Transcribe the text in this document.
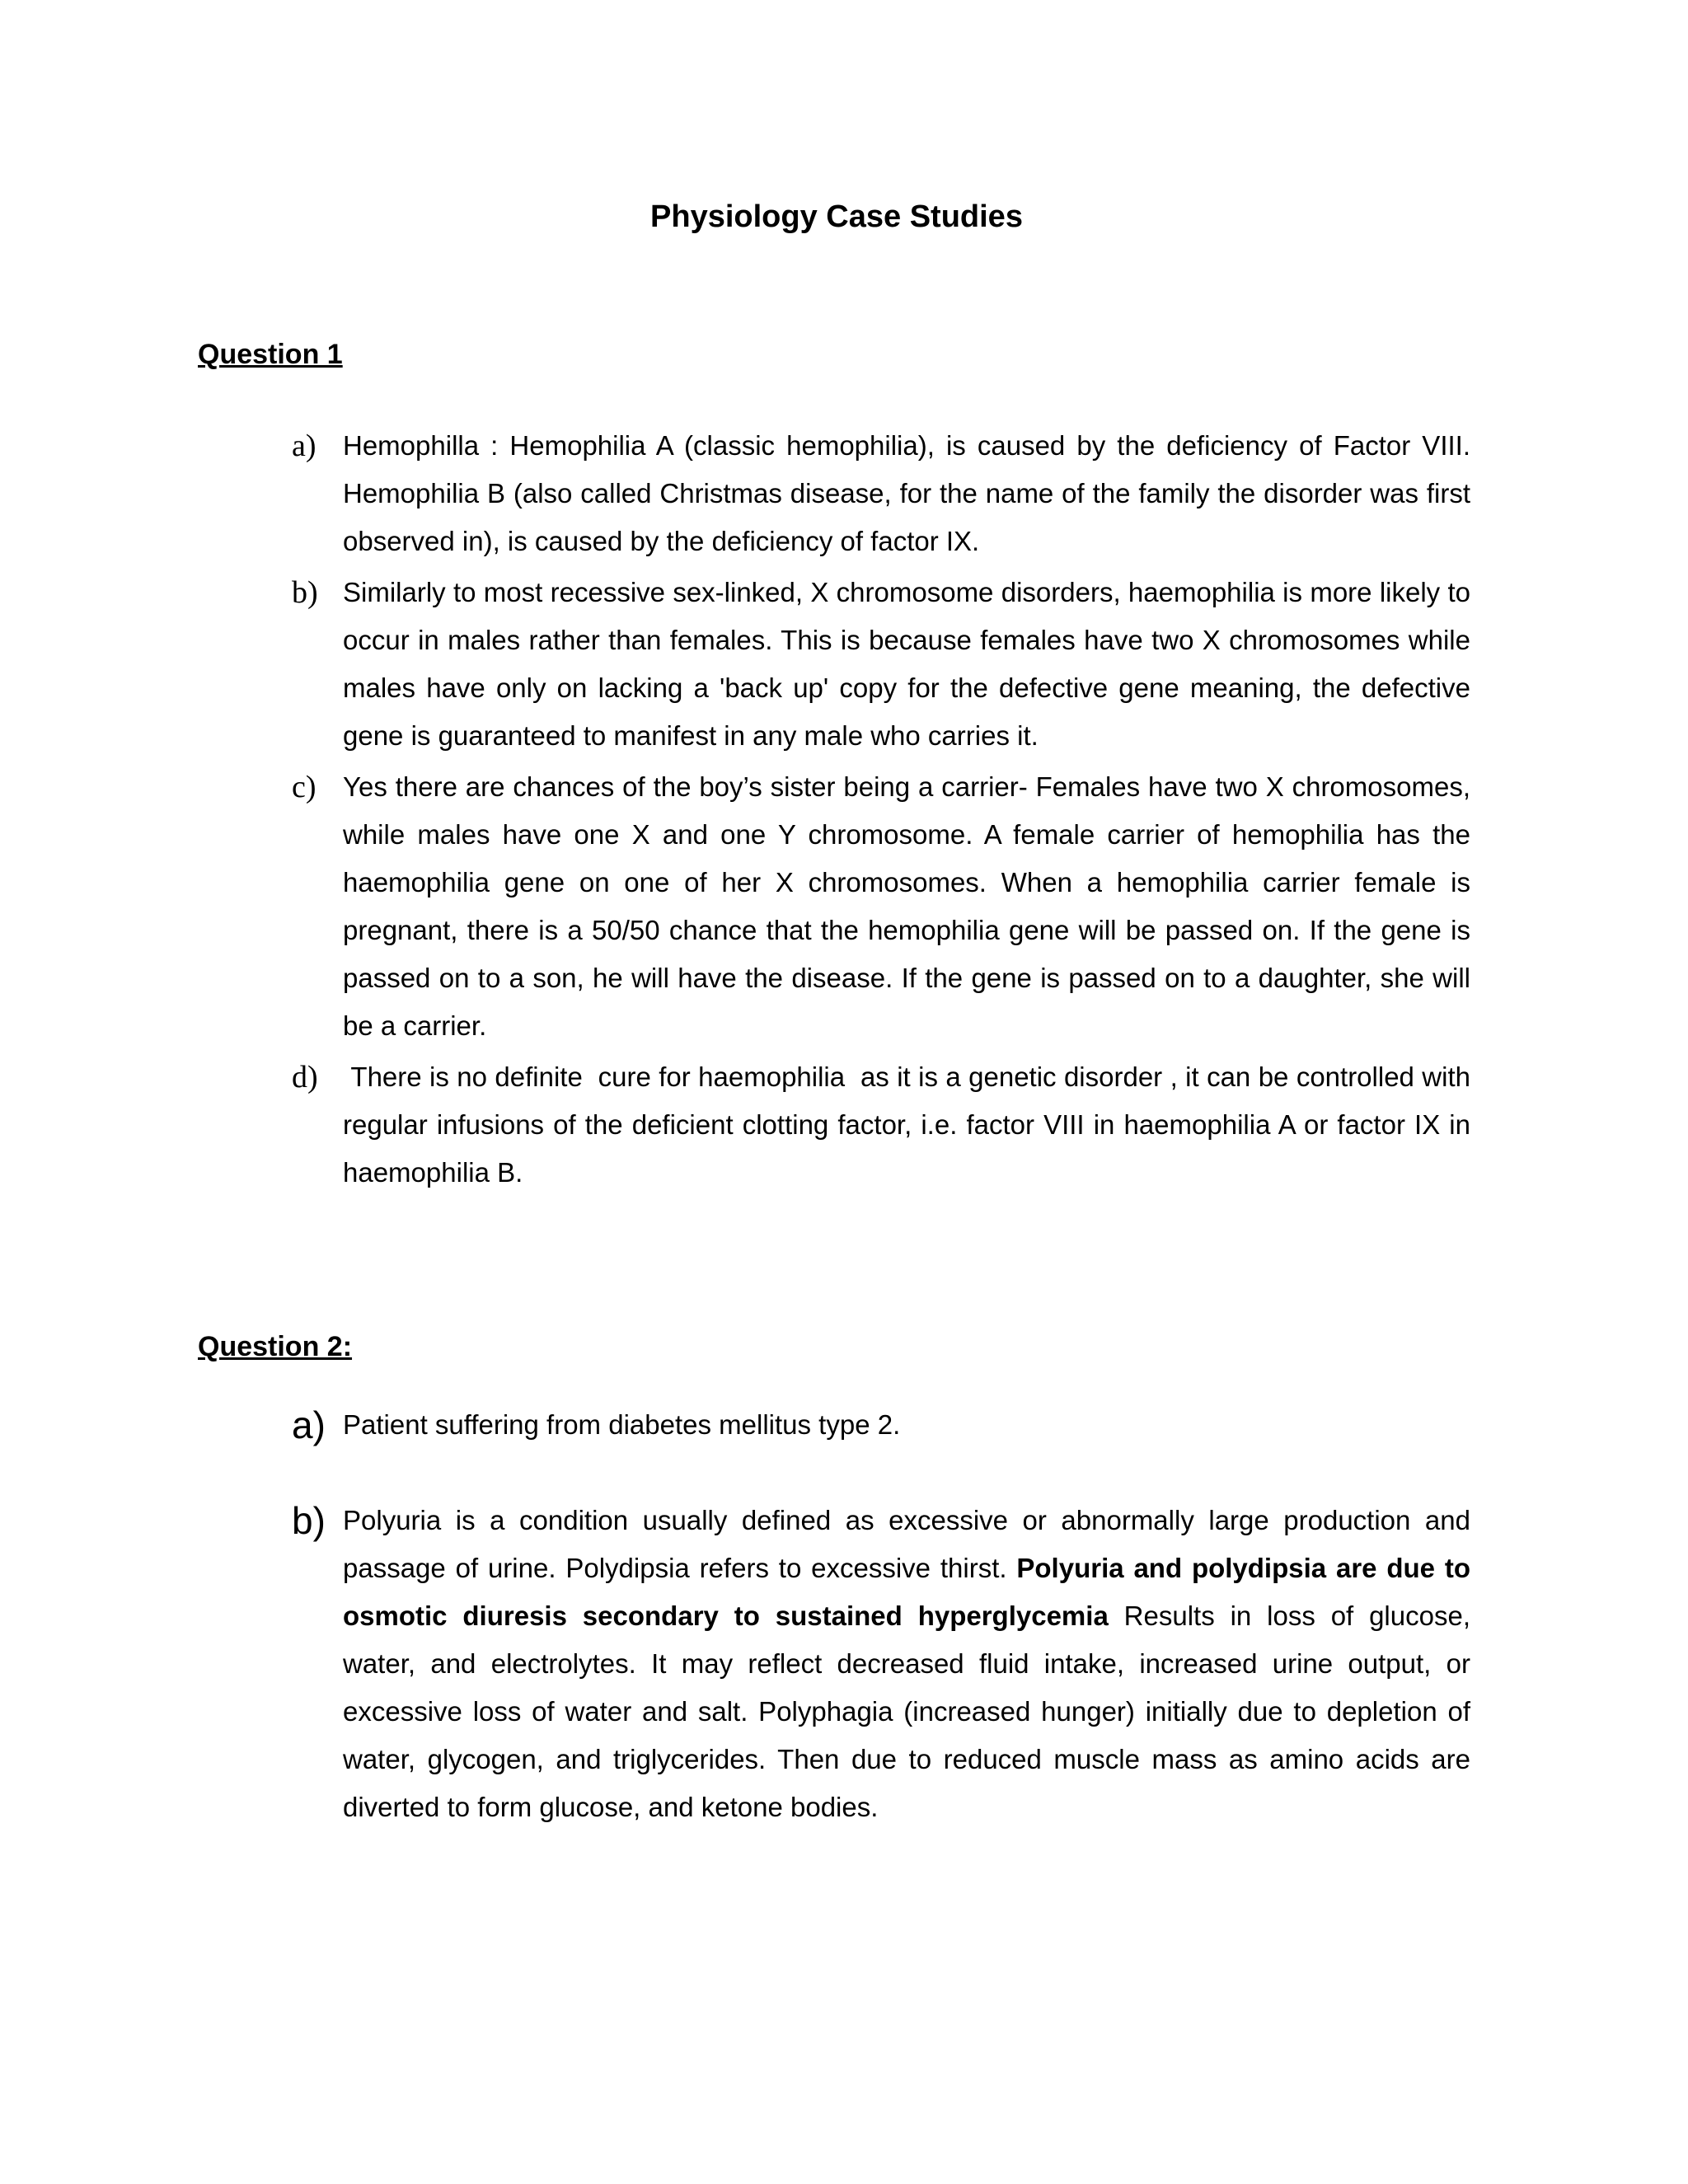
Physiology Case Studies
Question 1
a) Hemophilla : Hemophilia A (classic hemophilia), is caused by the deficiency of Factor VIII. Hemophilia B (also called Christmas disease, for the name of the family the disorder was first observed in), is caused by the deficiency of factor IX.
b) Similarly to most recessive sex-linked, X chromosome disorders, haemophilia is more likely to occur in males rather than females. This is because females have two X chromosomes while males have only on lacking a 'back up' copy for the defective gene meaning, the defective gene is guaranteed to manifest in any male who carries it.
c) Yes there are chances of the boy’s sister being a carrier- Females have two X chromosomes, while males have one X and one Y chromosome. A female carrier of hemophilia has the haemophilia gene on one of her X chromosomes. When a hemophilia carrier female is pregnant, there is a 50/50 chance that the hemophilia gene will be passed on. If the gene is passed on to a son, he will have the disease. If the gene is passed on to a daughter, she will be a carrier.
d) There is no definite  cure for haemophilia  as it is a genetic disorder , it can be controlled with regular infusions of the deficient clotting factor, i.e. factor VIII in haemophilia A or factor IX in haemophilia B.
Question 2:
a) Patient suffering from diabetes mellitus type 2.
b) Polyuria is a condition usually defined as excessive or abnormally large production and passage of urine. Polydipsia refers to excessive thirst. Polyuria and polydipsia are due to osmotic diuresis secondary to sustained hyperglycemia Results in loss of glucose, water, and electrolytes. It may reflect decreased fluid intake, increased urine output, or excessive loss of water and salt. Polyphagia (increased hunger) initially due to depletion of water, glycogen, and triglycerides. Then due to reduced muscle mass as amino acids are diverted to form glucose, and ketone bodies.
